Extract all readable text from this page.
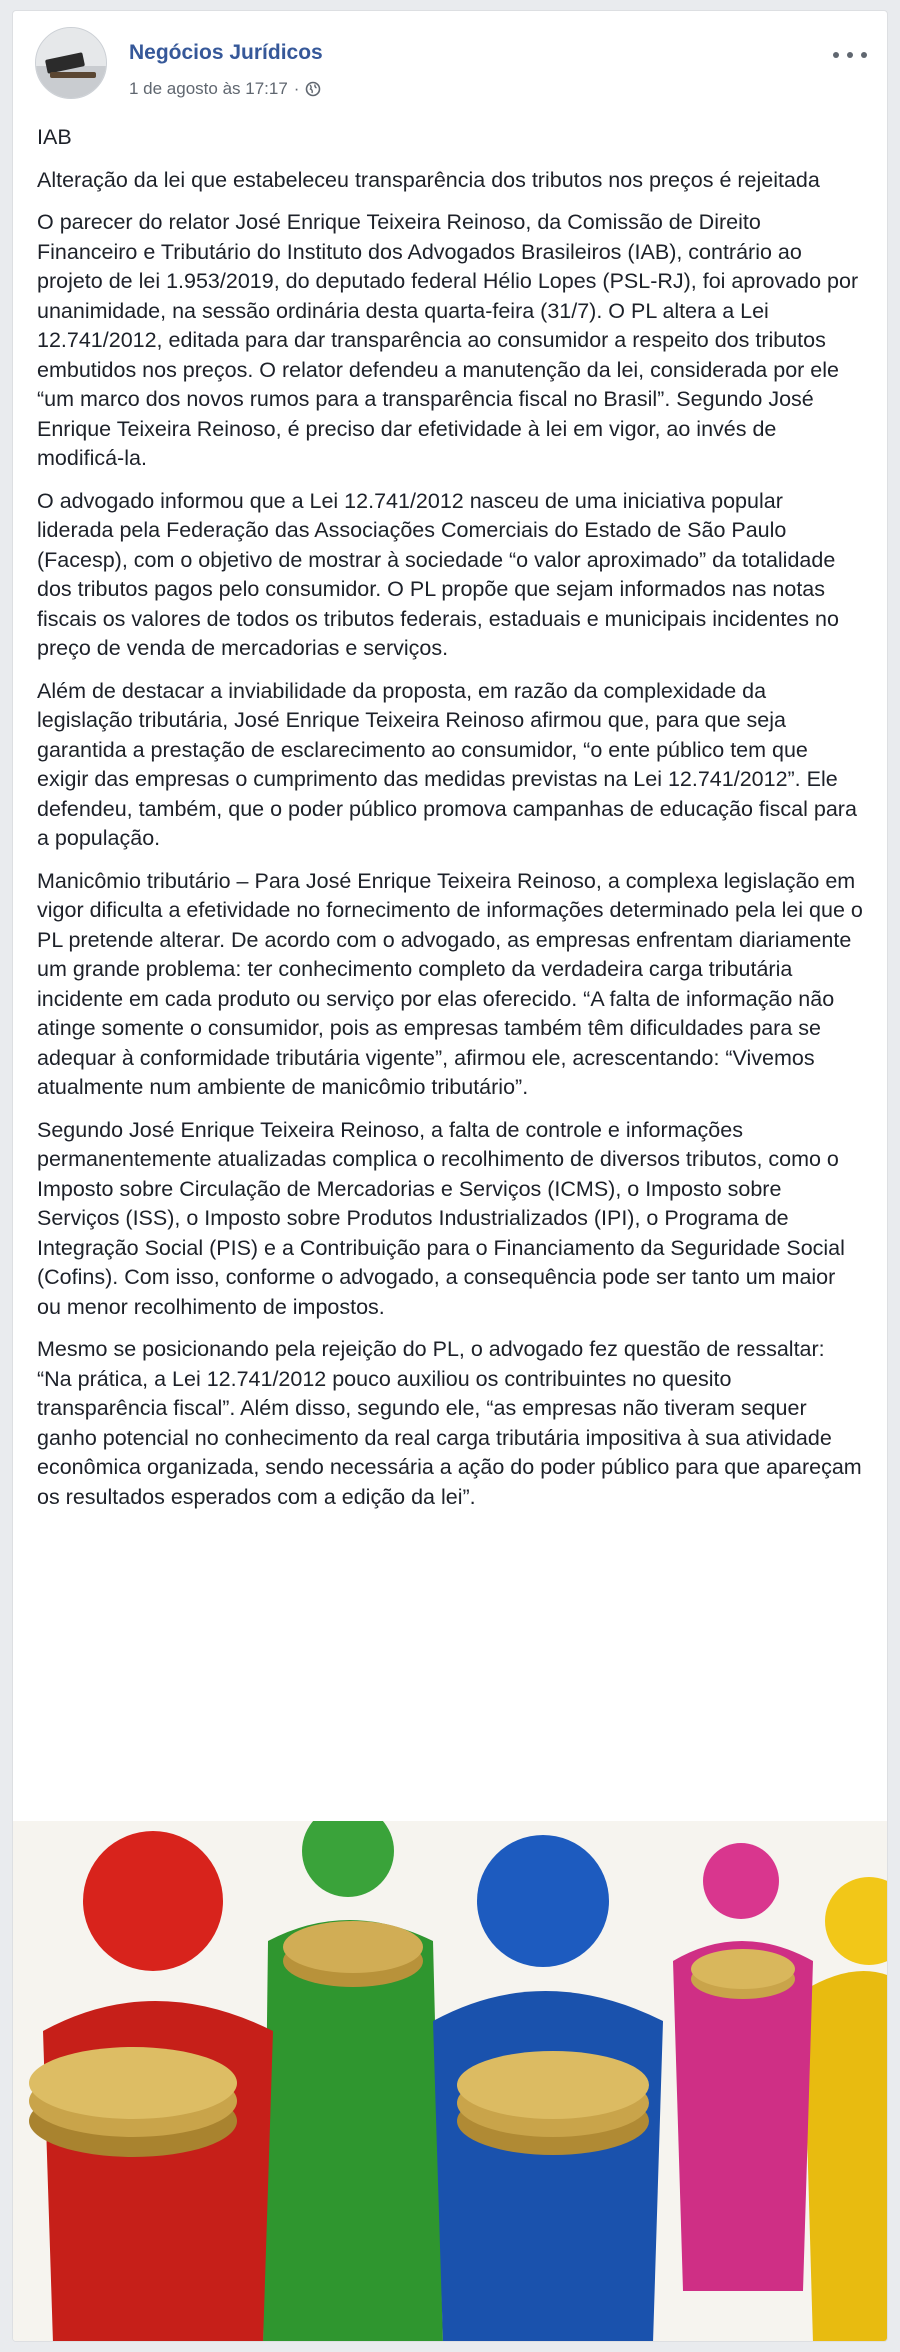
Negócios Jurídicos
1 de agosto às 17:17 ·

IAB

Alteração da lei que estabeleceu transparência dos tributos nos preços é rejeitada

O parecer do relator José Enrique Teixeira Reinoso, da Comissão de Direito Financeiro e Tributário do Instituto dos Advogados Brasileiros (IAB), contrário ao projeto de lei 1.953/2019, do deputado federal Hélio Lopes (PSL-RJ), foi aprovado por unanimidade, na sessão ordinária desta quarta-feira (31/7). O PL altera a Lei 12.741/2012, editada para dar transparência ao consumidor a respeito dos tributos embutidos nos preços. O relator defendeu a manutenção da lei, considerada por ele “um marco dos novos rumos para a transparência fiscal no Brasil”. Segundo José Enrique Teixeira Reinoso, é preciso dar efetividade à lei em vigor, ao invés de modificá-la.

O advogado informou que a Lei 12.741/2012 nasceu de uma iniciativa popular liderada pela Federação das Associações Comerciais do Estado de São Paulo (Facesp), com o objetivo de mostrar à sociedade “o valor aproximado” da totalidade dos tributos pagos pelo consumidor. O PL propõe que sejam informados nas notas fiscais os valores de todos os tributos federais, estaduais e municipais incidentes no preço de venda de mercadorias e serviços.

Além de destacar a inviabilidade da proposta, em razão da complexidade da legislação tributária, José Enrique Teixeira Reinoso afirmou que, para que seja garantida a prestação de esclarecimento ao consumidor, “o ente público tem que exigir das empresas o cumprimento das medidas previstas na Lei 12.741/2012”. Ele defendeu, também, que o poder público promova campanhas de educação fiscal para a população.

Manicômio tributário – Para José Enrique Teixeira Reinoso, a complexa legislação em vigor dificulta a efetividade no fornecimento de informações determinado pela lei que o PL pretende alterar. De acordo com o advogado, as empresas enfrentam diariamente um grande problema: ter conhecimento completo da verdadeira carga tributária incidente em cada produto ou serviço por elas oferecido. “A falta de informação não atinge somente o consumidor, pois as empresas também têm dificuldades para se adequar à conformidade tributária vigente”, afirmou ele, acrescentando: “Vivemos atualmente num ambiente de manicômio tributário”.

Segundo José Enrique Teixeira Reinoso, a falta de controle e informações permanentemente atualizadas complica o recolhimento de diversos tributos, como o Imposto sobre Circulação de Mercadorias e Serviços (ICMS), o Imposto sobre Serviços (ISS), o Imposto sobre Produtos Industrializados (IPI), o Programa de Integração Social (PIS) e a Contribuição para o Financiamento da Seguridade Social (Cofins). Com isso, conforme o advogado, a consequência pode ser tanto um maior ou menor recolhimento de impostos.

Mesmo se posicionando pela rejeição do PL, o advogado fez questão de ressaltar: “Na prática, a Lei 12.741/2012 pouco auxiliou os contribuintes no quesito transparência fiscal”. Além disso, segundo ele, “as empresas não tiveram sequer ganho potencial no conhecimento da real carga tributária impositiva à sua atividade econômica organizada, sendo necessária a ação do poder público para que apareçam os resultados esperados com a edição da lei”.
